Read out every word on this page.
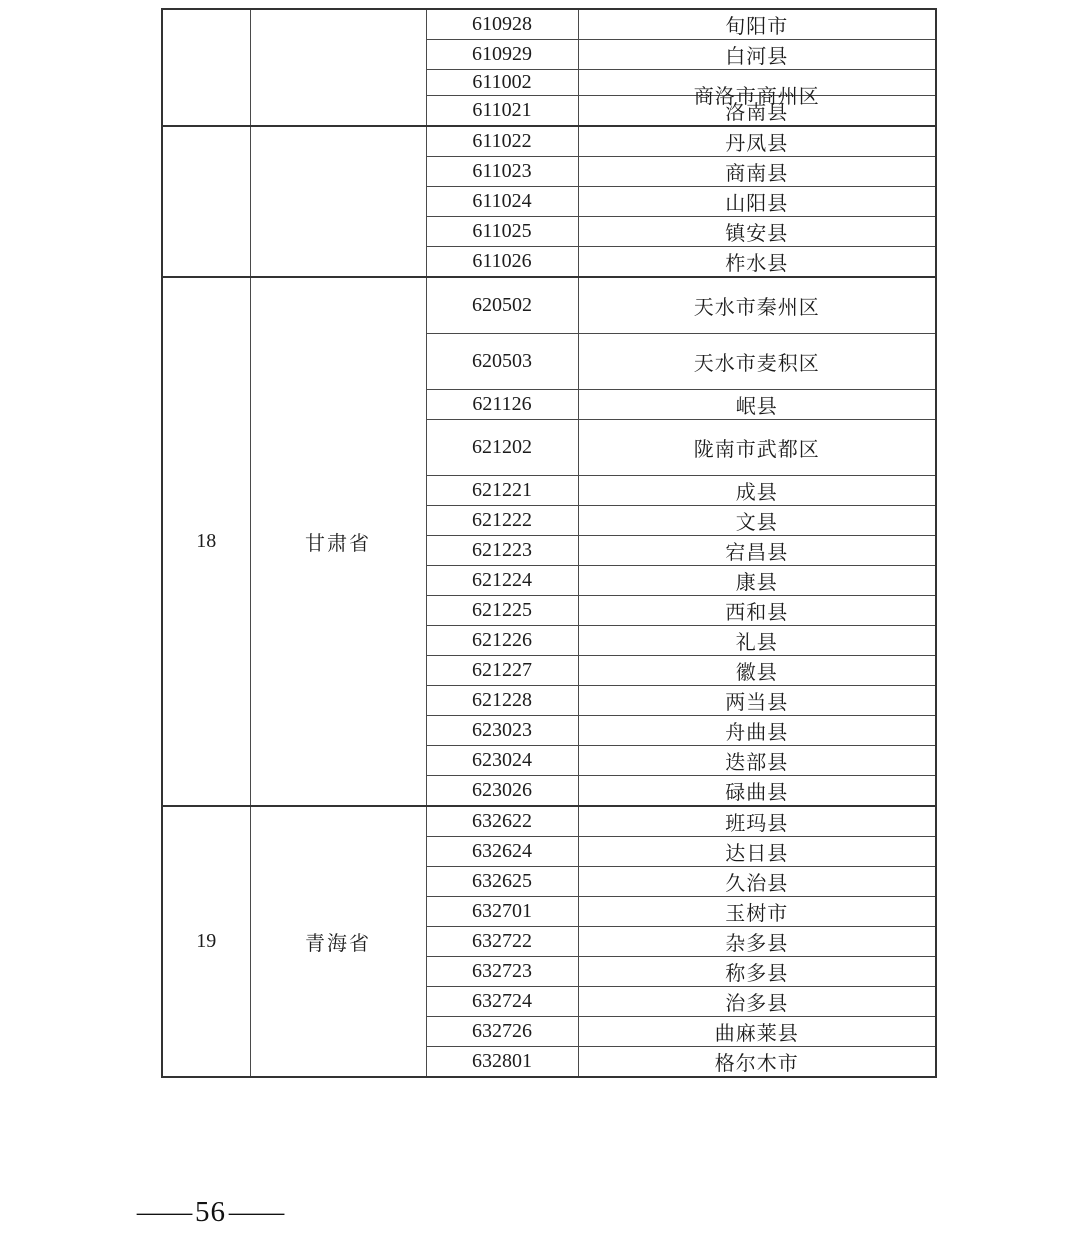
		610928	旬阳市
		610929	白河县
		611002	商洛市商州区

		611021	洛南县
		611022	丹凤县
		611023	商南县
		611024	山阳县
		611025	镇安县
		611026	柞水县
18	甘肃省	620502	天水市秦州区
		620503	天水市麦积区
		621126	岷县
		621202	陇南市武都区
		621221	成县
		621222	文县
		621223	宕昌县
		621224	康县
		621225	西和县
		621226	礼县
		621227	徽县
		621228	两当县
		623023	舟曲县
		623024	迭部县
		623026	碌曲县
19	青海省	632622	班玛县
		632624	达日县
		632625	久治县
		632701	玉树市
		632722	杂多县
		632723	称多县
		632724	治多县
		632726	曲麻莱县
		632801	格尔木市
— 56 —
